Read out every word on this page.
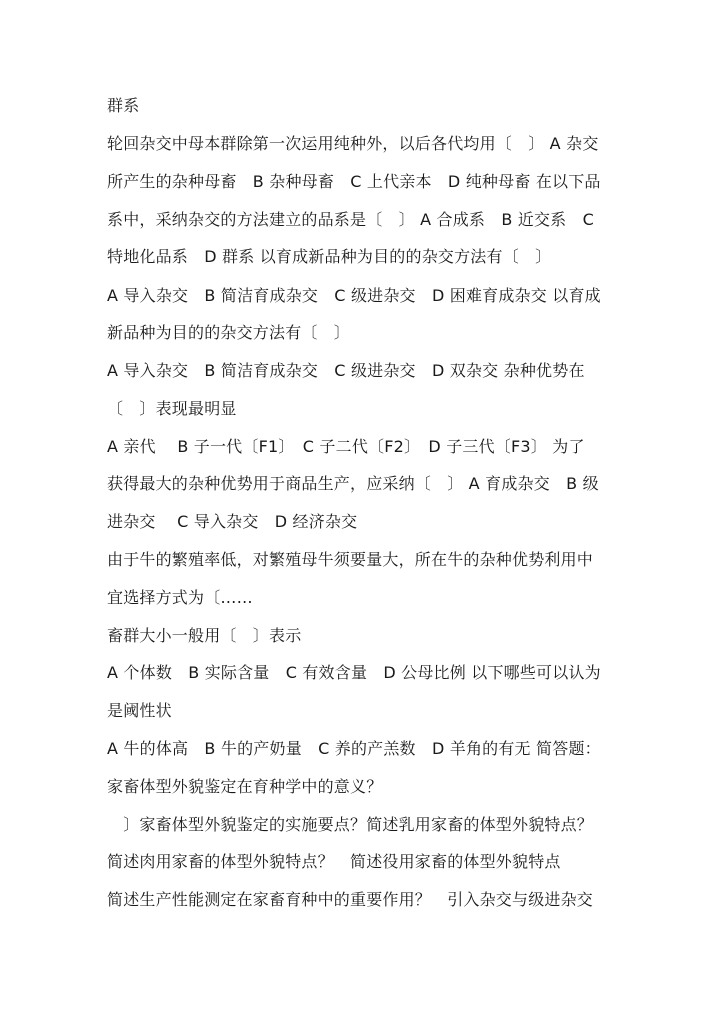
群系
轮回杂交中母本群除第一次运用纯种外，以后各代均用〔　〕 A 杂交
所产生的杂种母畜　B 杂种母畜　C 上代亲本　D 纯种母畜 在以下品
系中，采纳杂交的方法建立的品系是〔　〕 A 合成系　B 近交系　C
特地化品系　D 群系 以育成新品种为目的的杂交方法有〔　〕
A 导入杂交　B 简洁育成杂交　C 级进杂交　D 困难育成杂交 以育成
新品种为目的的杂交方法有〔　〕
A 导入杂交　B 简洁育成杂交　C 级进杂交　D 双杂交 杂种优势在
〔　〕表现最明显
A 亲代　 B 子一代〔F1〕　C 子二代〔F2〕　D 子三代〔F3〕 为了
获得最大的杂种优势用于商品生产，应采纳〔　〕 A 育成杂交　B 级
进杂交　 C 导入杂交　D 经济杂交
由于牛的繁殖率低，对繁殖母牛须要量大，所在牛的杂种优势利用中
宜选择方式为〔……
畜群大小一般用〔　〕表示
A 个体数　B 实际含量　C 有效含量　D 公母比例 以下哪些可以认为
是阈性状
A 牛的体高　B 牛的产奶量　C 养的产羔数　D 羊角的有无 简答题：
家畜体型外貌鉴定在育种学中的意义？
　〕家畜体型外貌鉴定的实施要点？简述乳用家畜的体型外貌特点？
简述肉用家畜的体型外貌特点？　简述役用家畜的体型外貌特点
简述生产性能测定在家畜育种中的重要作用？　引入杂交与级进杂交
